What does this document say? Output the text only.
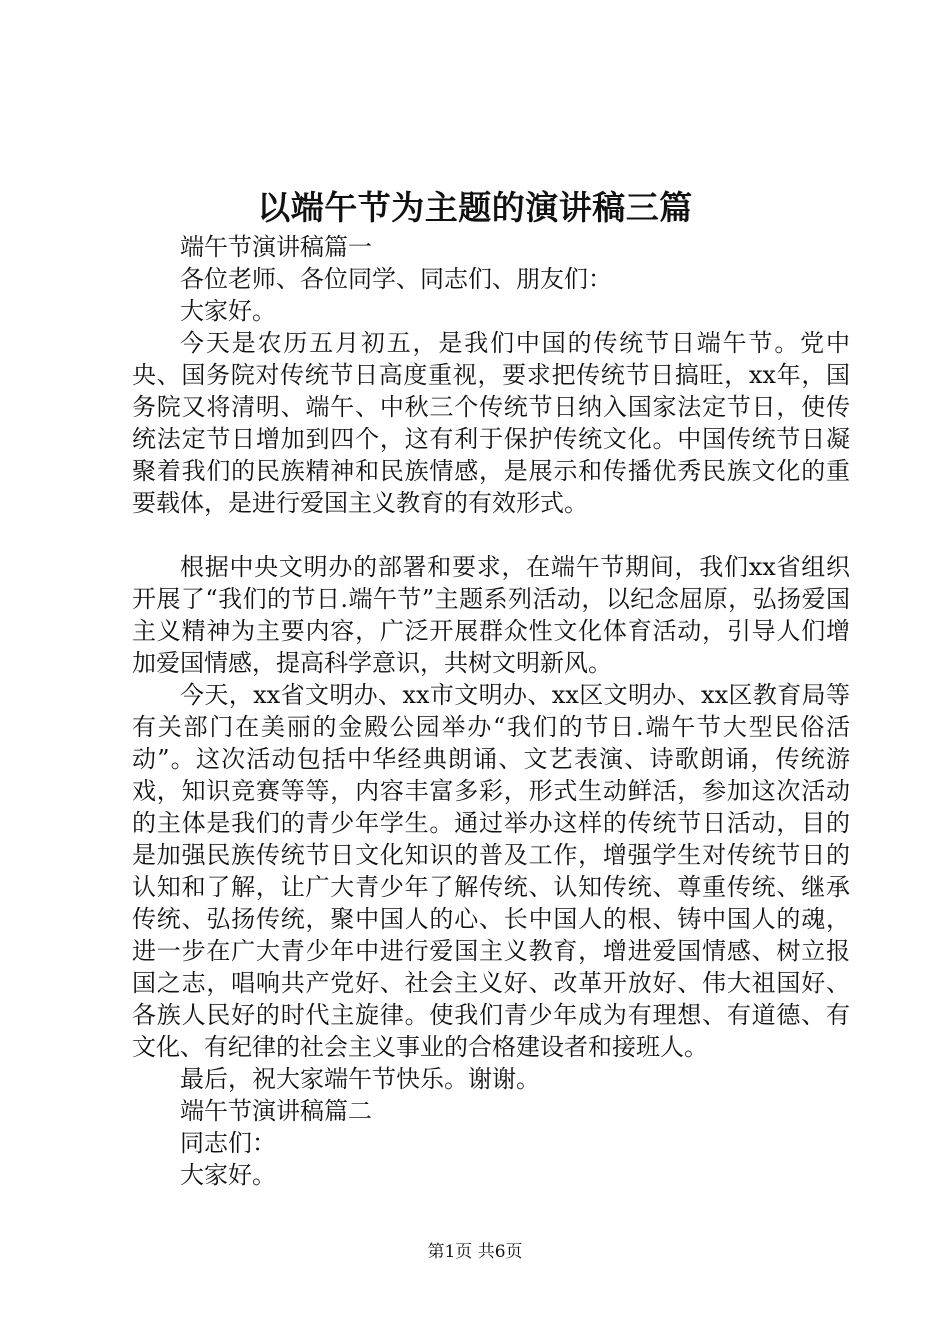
以端午节为主题的演讲稿三篇

端午节演讲稿篇一

各位老师、各位同学、同志们、朋友们：

大家好。

今天是农历五月初五，是我们中国的传统节日端午节。党中央、国务院对传统节日高度重视，要求把传统节日搞旺，xx年，国务院又将清明、端午、中秋三个传统节日纳入国家法定节日，使传统法定节日增加到四个，这有利于保护传统文化。中国传统节日凝聚着我们的民族精神和民族情感，是展示和传播优秀民族文化的重要载体，是进行爱国主义教育的有效形式。

根据中央文明办的部署和要求，在端午节期间，我们xx省组织开展了“我们的节日.端午节”主题系列活动，以纪念屈原，弘扬爱国主义精神为主要内容，广泛开展群众性文化体育活动，引导人们增加爱国情感，提高科学意识，共树文明新风。

今天，xx省文明办、xx市文明办、xx区文明办、xx区教育局等有关部门在美丽的金殿公园举办“我们的节日.端午节大型民俗活动”。这次活动包括中华经典朗诵、文艺表演、诗歌朗诵，传统游戏，知识竞赛等等，内容丰富多彩，形式生动鲜活，参加这次活动的主体是我们的青少年学生。通过举办这样的传统节日活动，目的是加强民族传统节日文化知识的普及工作，增强学生对传统节日的认知和了解，让广大青少年了解传统、认知传统、尊重传统、继承传统、弘扬传统，聚中国人的心、长中国人的根、铸中国人的魂，进一步在广大青少年中进行爱国主义教育，增进爱国情感、树立报国之志，唱响共产党好、社会主义好、改革开放好、伟大祖国好、各族人民好的时代主旋律。使我们青少年成为有理想、有道德、有文化、有纪律的社会主义事业的合格建设者和接班人。

最后，祝大家端午节快乐。谢谢。

端午节演讲稿篇二

同志们：

大家好。

第1页 共6页
